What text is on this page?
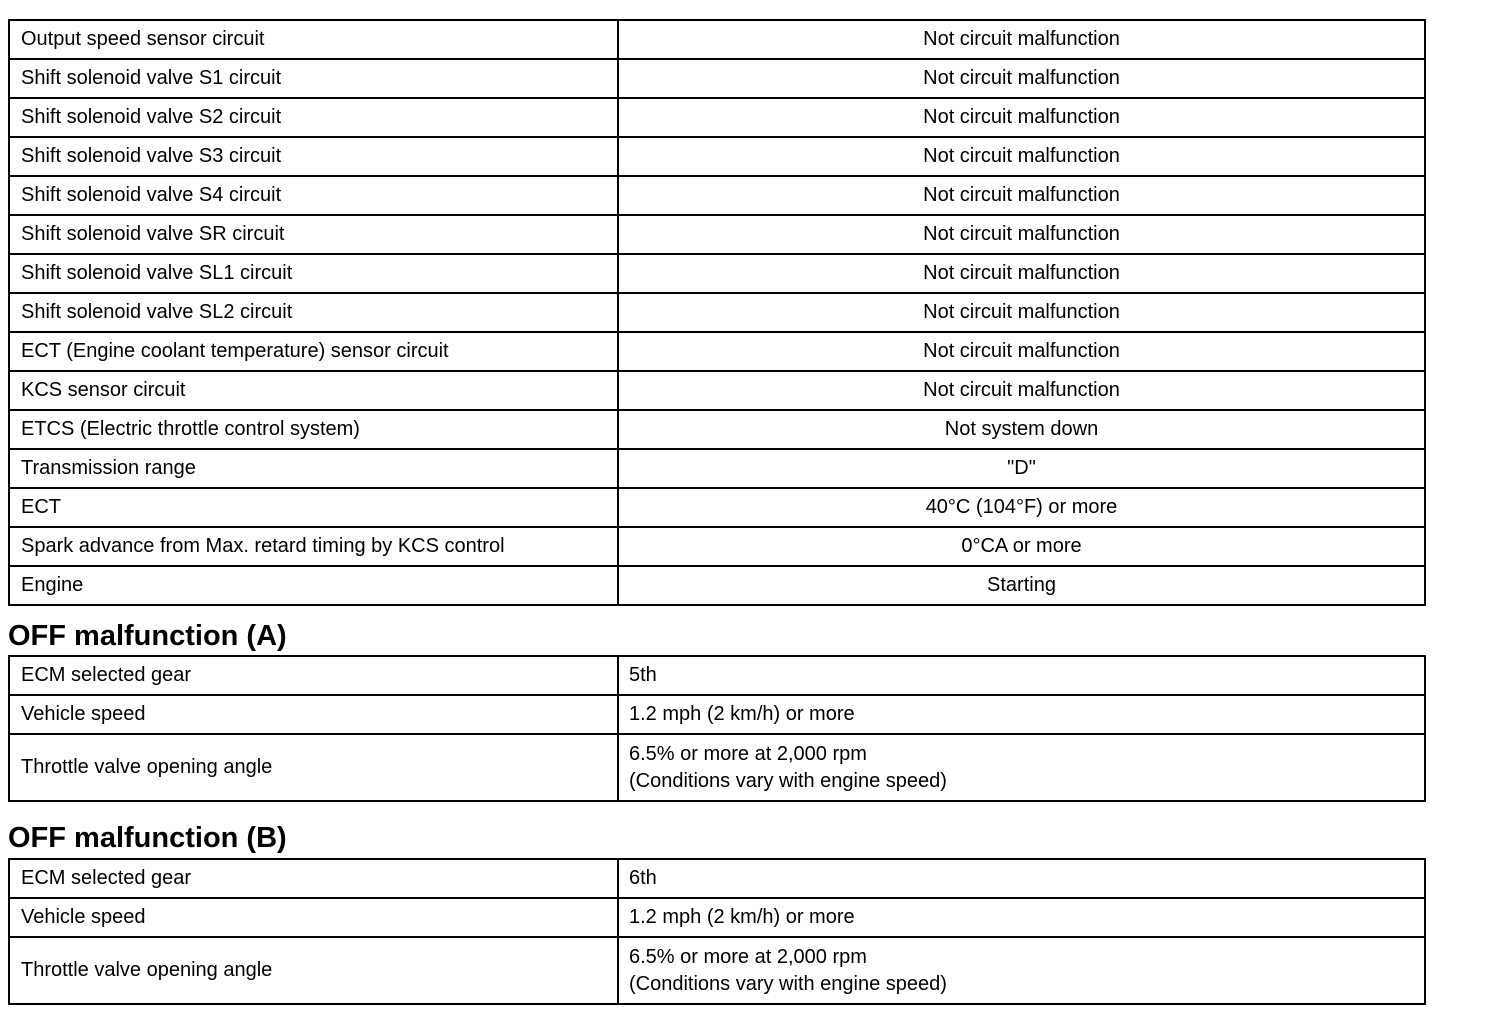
Output speed sensor circuit	Not circuit malfunction
Shift solenoid valve S1 circuit	Not circuit malfunction
Shift solenoid valve S2 circuit	Not circuit malfunction
Shift solenoid valve S3 circuit	Not circuit malfunction
Shift solenoid valve S4 circuit	Not circuit malfunction
Shift solenoid valve SR circuit	Not circuit malfunction
Shift solenoid valve SL1 circuit	Not circuit malfunction
Shift solenoid valve SL2 circuit	Not circuit malfunction
ECT (Engine coolant temperature) sensor circuit	Not circuit malfunction
KCS sensor circuit	Not circuit malfunction
ETCS (Electric throttle control system)	Not system down
Transmission range	"D"
ECT	40°C (104°F) or more
Spark advance from Max. retard timing by KCS control	0°CA or more
Engine	Starting
OFF malfunction (A)
ECM selected gear	5th
Vehicle speed	1.2 mph (2 km/h) or more
Throttle valve opening angle	6.5% or more at 2,000 rpm
(Conditions vary with engine speed)
OFF malfunction (B)
ECM selected gear	6th
Vehicle speed	1.2 mph (2 km/h) or more
Throttle valve opening angle	6.5% or more at 2,000 rpm
(Conditions vary with engine speed)
